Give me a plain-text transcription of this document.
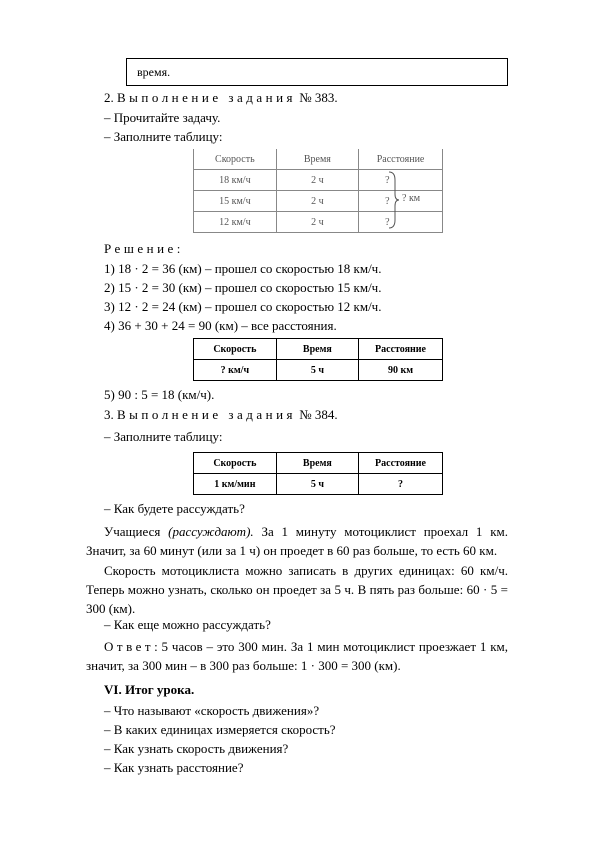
время.
2. Выполнение задания № 383.
– Прочитайте задачу.
– Заполните таблицу:
Скорость	Время	Расстояние
18 км/ч	2 ч	?
15 км/ч	2 ч	?
12 км/ч	2 ч	?
? км
Решение:
1) 18 · 2 = 36 (км) – прошел со скоростью 18 км/ч.
2) 15 · 2 = 30 (км) – прошел со скоростью 15 км/ч.
3) 12 · 2 = 24 (км) – прошел со скоростью 12 км/ч.
4) 36 + 30 + 24 = 90 (км) – все расстояния.
Скорость	Время	Расстояние
? км/ч	5 ч	90 км
5) 90 : 5 = 18 (км/ч).
3. Выполнение задания № 384.
– Заполните таблицу:
Скорость	Время	Расстояние
1 км/мин	5 ч	?
– Как будете рассуждать?
Учащиеся (рассуждают). За 1 минуту мотоциклист проехал 1 км. Значит, за 60 минут (или за 1 ч) он проедет в 60 раз больше, то есть 60 км.
Скорость мотоциклиста можно записать в других единицах: 60 км/ч. Теперь можно узнать, сколько он проедет за 5 ч. В пять раз больше: 60 · 5 = 300 (км).
– Как еще можно рассуждать?
Ответ: 5 часов – это 300 мин. За 1 мин мотоциклист проезжает 1 км, значит, за 300 мин – в 300 раз больше: 1 · 300 = 300 (км).
VI. Итог урока.
– Что называют «скорость движения»?
– В каких единицах измеряется скорость?
– Как узнать скорость движения?
– Как узнать расстояние?
